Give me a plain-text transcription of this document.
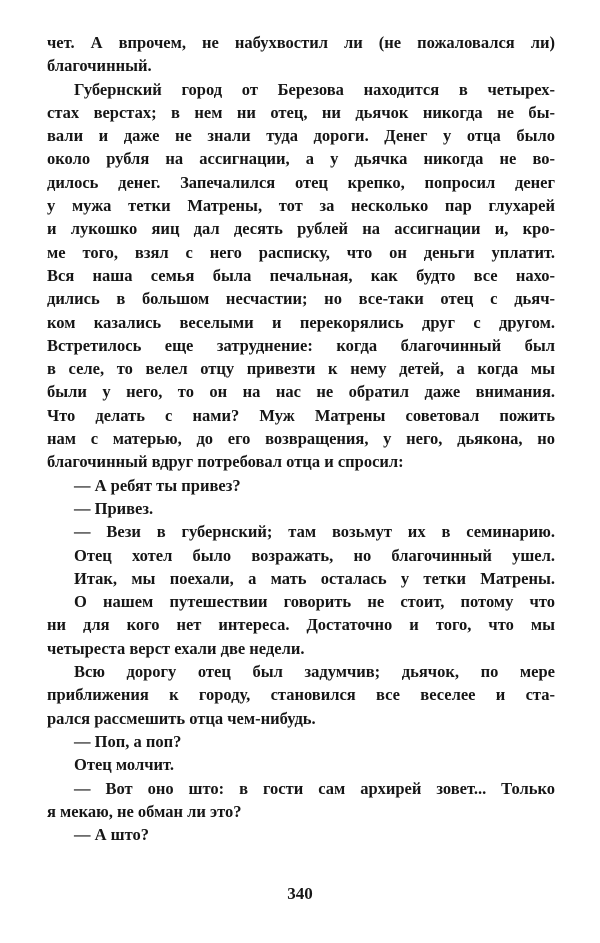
чет. А впрочем, не набухвостил ли (не пожаловался ли)
благочинный.
Губернский город от Березова находится в четырех-
стах верстах; в нем ни отец, ни дьячок никогда не бы-
вали и даже не знали туда дороги. Денег у отца было
около рубля на ассигнации, а у дьячка никогда не во-
дилось денег. Запечалился отец крепко, попросил денег
у мужа тетки Матрены, тот за несколько пар глухарей
и лукошко яиц дал десять рублей на ассигнации и, кро-
ме того, взял с него расписку, что он деньги уплатит.
Вся наша семья была печальная, как будто все нахо-
дились в большом несчастии; но все-таки отец с дьяч-
ком казались веселыми и перекорялись друг с другом.
Встретилось еще затруднение: когда благочинный был
в селе, то велел отцу привезти к нему детей, а когда мы
были у него, то он на нас не обратил даже внимания.
Что делать с нами? Муж Матрены советовал пожить
нам с матерью, до его возвращения, у него, дьякона, но
благочинный вдруг потребовал отца и спросил:
— А ребят ты привез?
— Привез.
— Вези в губернский; там возьмут их в семинарию.
Отец хотел было возражать, но благочинный ушел.
Итак, мы поехали, а мать осталась у тетки Матрены.
О нашем путешествии говорить не стоит, потому что
ни для кого нет интереса. Достаточно и того, что мы
четыреста верст ехали две недели.
Всю дорогу отец был задумчив; дьячок, по мере
приближения к городу, становился все веселее и ста-
рался рассмешить отца чем-нибудь.
— Поп, а поп?
Отец молчит.
— Вот оно што: в гости сам архирей зовет... Только
я мекаю, не обман ли это?
— А што?
340
